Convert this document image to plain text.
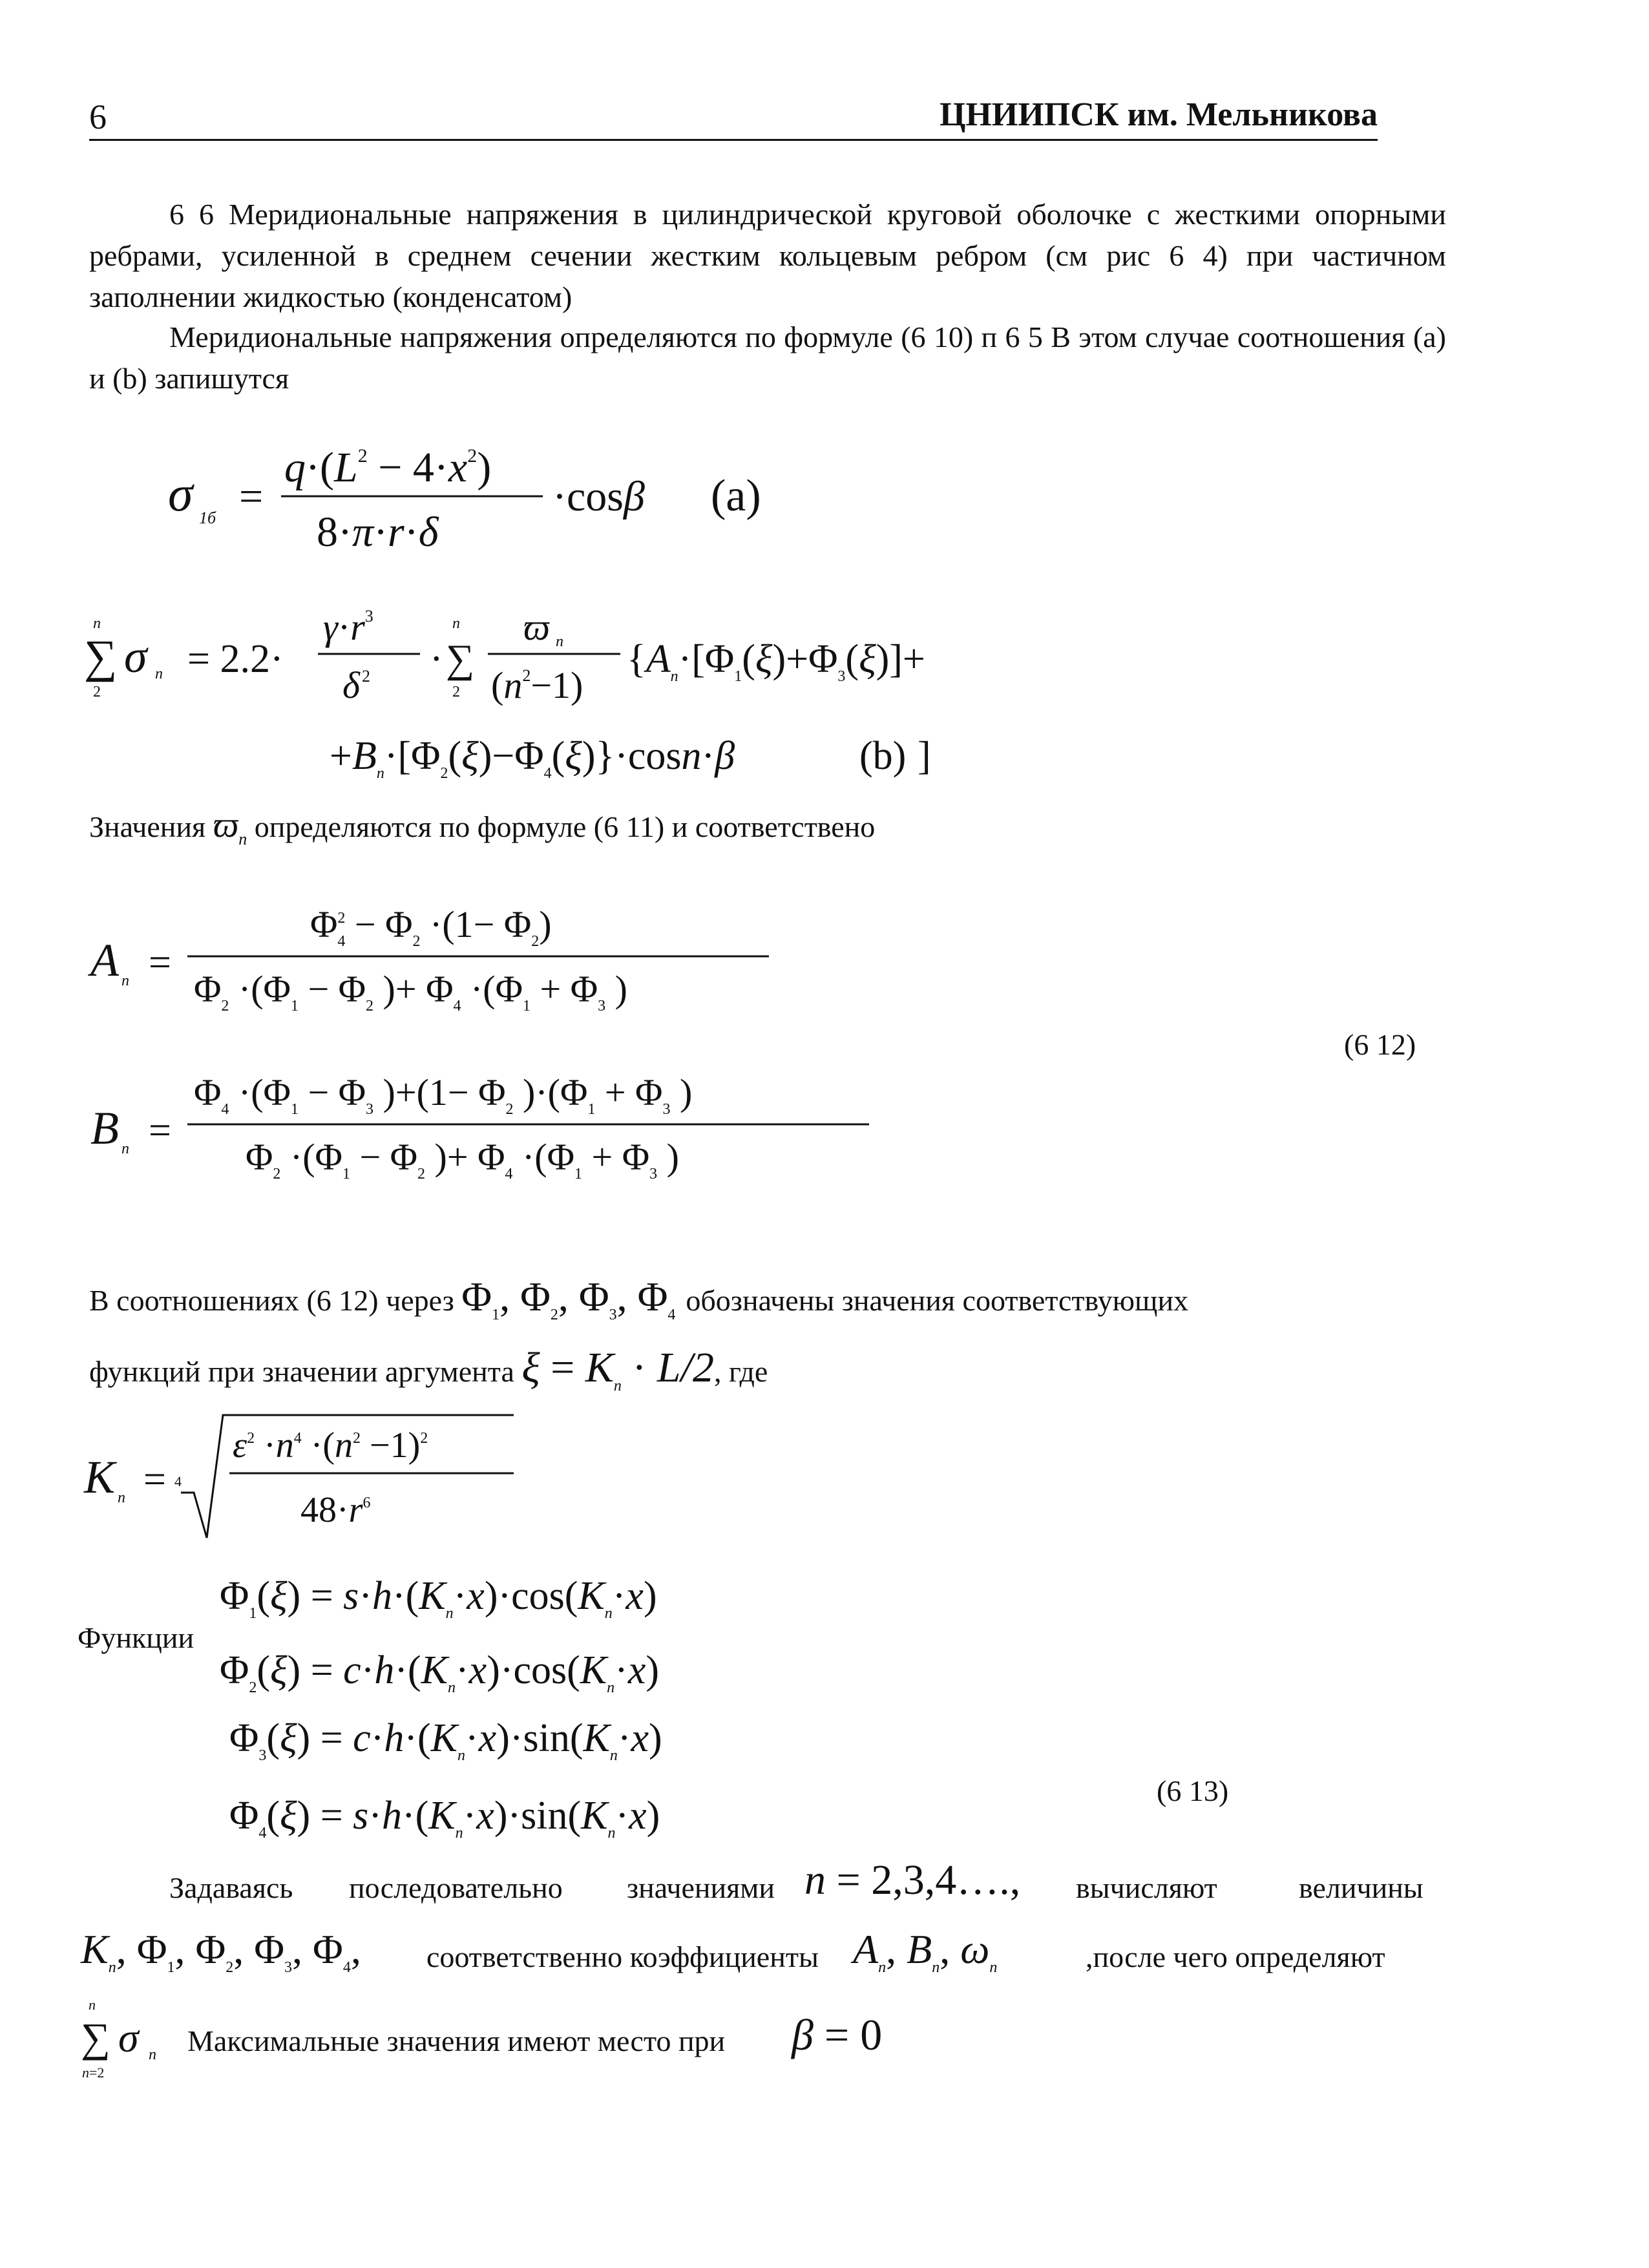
6	ЦНИИПСК им. Мельникова
6 6 Меридиональные напряжения в цилиндрической круговой оболочке с жесткими опорными ребрами, усиленной в среднем сечении жестким кольцевым ребром (см рис 6 4) при частичном заполнении жидкостью (конденсатом)
Меридиональные напряжения определяются по формуле (6 10) п 6 5 В этом случае соотношения (а) и (b) запишутся
σ 1б =
$q\cdot(L^2 - 4\cdot x^2)$
8·π·r·δ
·cosβ (a)
∑
n
2
σ n = 2.2·
$\gamma\cdot r^3$
δ 2 · ∑
n
2
ϖ n
$(n^2-1)$
{$A_n\cdot[\Phi_1(\xi)+\Phi_3(\xi)]+$
$+B_n\cdot[\Phi_2(\xi)-\Phi_4(\xi)\}\cdot\cos n\cdot\beta$	(b) ]
Значения $ϖ_n$ определяются по формуле (6 11) и соответствено
A n =
$\Phi^2$ $4 - \Phi_2 \cdot(1- \Phi_2)$
$\Phi_2 \cdot(\Phi_1 - \Phi_2$ )+ $\Phi_4 \cdot(\Phi_1 + \Phi_3$ )
B n =
$\Phi_4 \cdot(\Phi_1 - \Phi_3$ )$+(1- \Phi_2$ )$\cdot(\Phi_1 + \Phi_3$ )
$\Phi_2 \cdot(\Phi_1 - \Phi_2$ )+ $\Phi_4 \cdot(\Phi_1 + \Phi_3$ )
(6 12)
В соотношениях (6 12) через $\Phi_1$, $\Phi_2$, $\Phi_3$, $\Phi_4$ обозначены значения соответствующих
функций при значении аргумента $\xi = K_n \cdot L/2$, где
K n = 4
$\varepsilon^2 \cdot n^4 \cdot(n^2 -1)^2$
$48\cdot r^6$
Функции
$\Phi_1(\xi) = s\cdot h\cdot(K_n\cdot x)\cdot\cos(K_n\cdot x)$
$\Phi_2(\xi) = c\cdot h\cdot(K_n\cdot x)\cdot\cos(K_n\cdot x)$
$\Phi_3(\xi) = c\cdot h\cdot(K_n\cdot x)\cdot\sin(K_n\cdot x)$
$\Phi_4(\xi) = s\cdot h\cdot(K_n\cdot x)\cdot\sin(K_n\cdot x)$
(6 13)
Задаваясь последовательно значениями n = 2,3,4…., вычисляют	величины
$K_n$, $\Phi_1$, $\Phi_2$, $\Phi_3$, $\Phi_4$, соответственно коэффициенты $A_n$, $B_n$, $\omega_n$	,после чего определяют
∑
n
n=2
σ n Максимальные значения имеют место при β = 0
